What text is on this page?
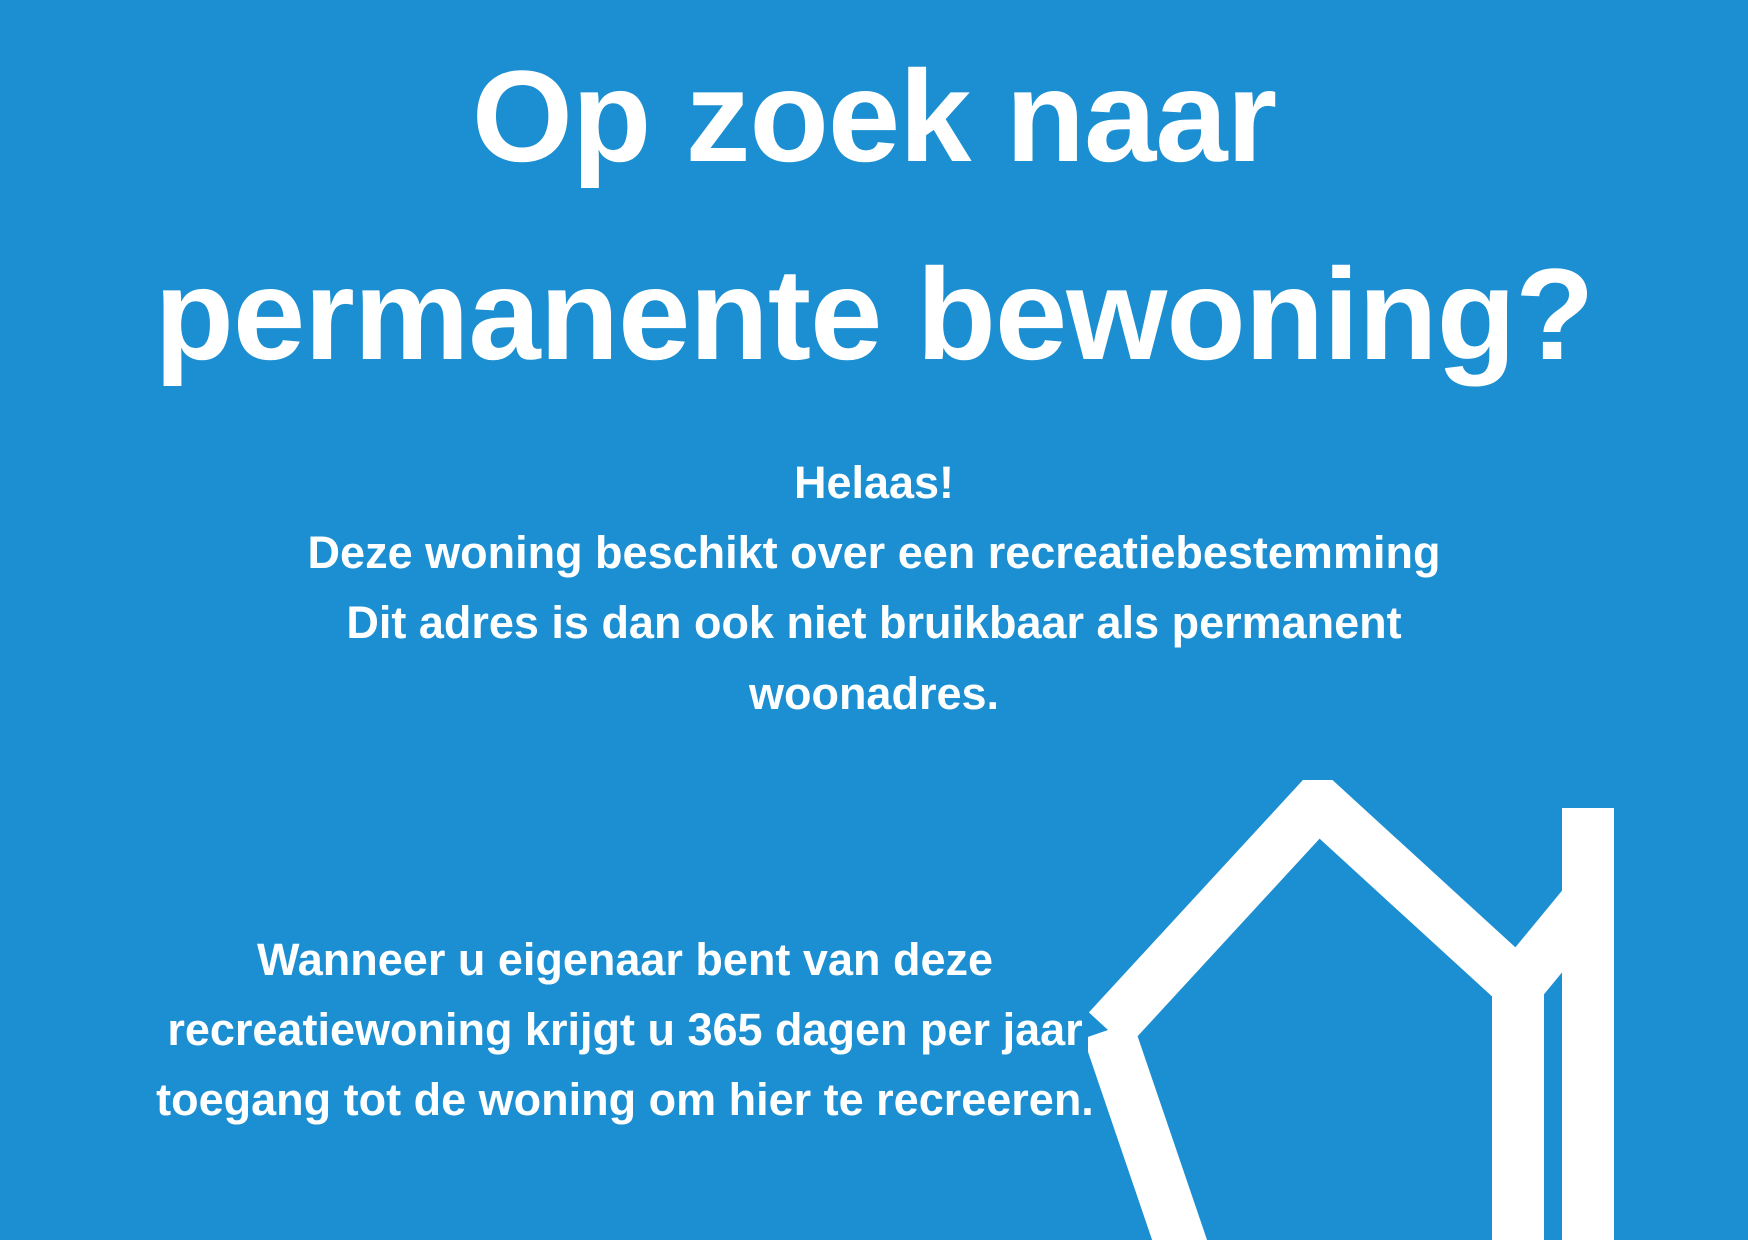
Op zoek naar
permanente bewoning?
Helaas!
Deze woning beschikt over een recreatiebestemming
Dit adres is dan ook niet bruikbaar als permanent
woonadres.
Wanneer u eigenaar bent van deze
recreatiewoning krijgt u 365 dagen per jaar
toegang tot de woning om hier te recreeren.
